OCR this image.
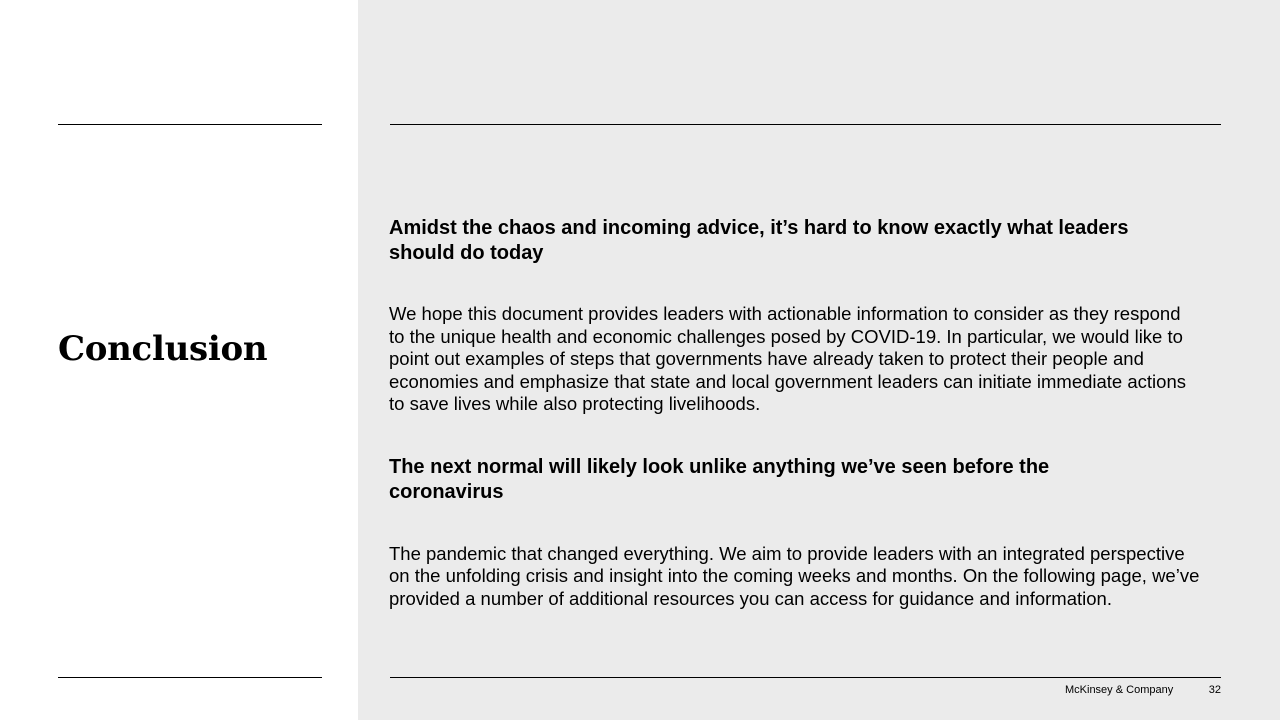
Conclusion
Amidst the chaos and incoming advice, it’s hard to know exactly what leaders should do today

We hope this document provides leaders with actionable information to consider as they respond to the unique health and economic challenges posed by COVID-19. In particular, we would like to point out examples of steps that governments have already taken to protect their people and economies and emphasize that state and local government leaders can initiate immediate actions to save lives while also protecting livelihoods.

The next normal will likely look unlike anything we’ve seen before the coronavirus

The pandemic that changed everything. We aim to provide leaders with an integrated perspective on the unfolding crisis and insight into the coming weeks and months. On the following page, we’ve provided a number of additional resources you can access for guidance and information.

McKinsey & Company	32
